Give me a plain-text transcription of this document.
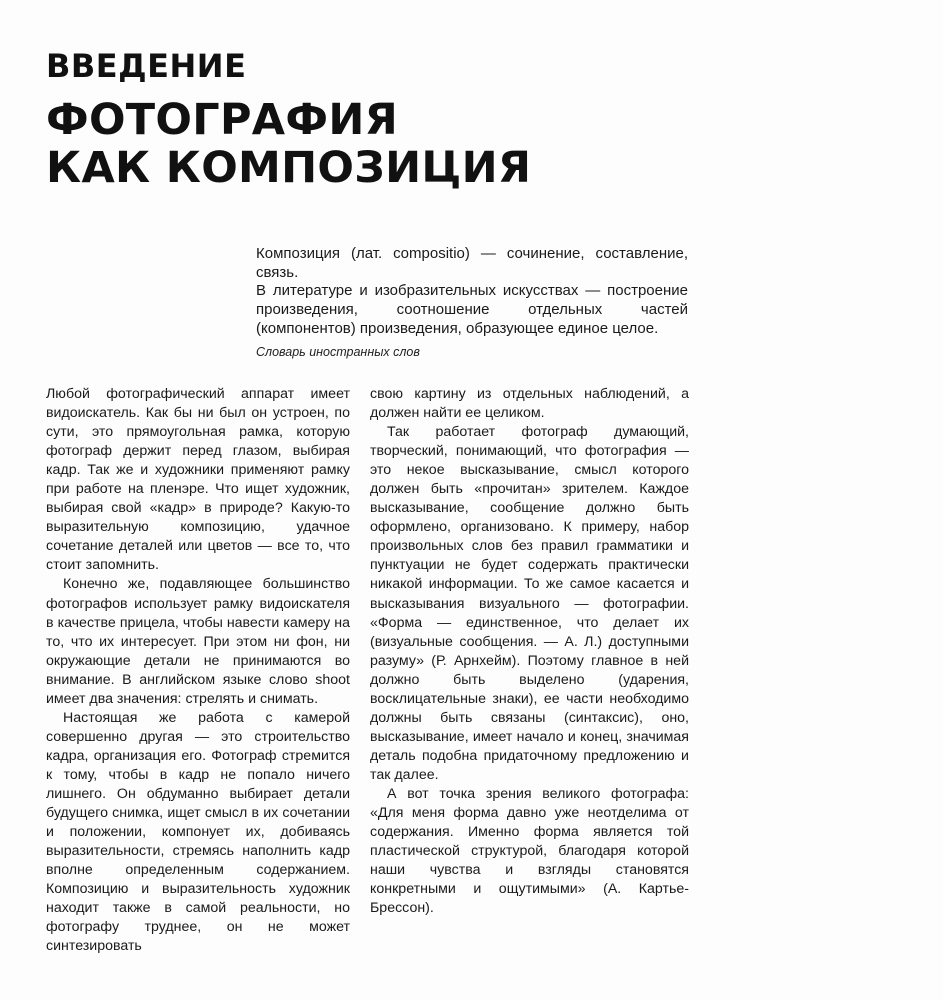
ВВЕДЕНИЕ
ФОТОГРАФИЯ
КАК КОМПОЗИЦИЯ

Композиция (лат. compositio) — сочинение, составление, связь.

В литературе и изобразительных искусствах — построение произведения, соотношение отдельных частей (компонентов) произведения, образующее единое целое.

Словарь иностранных слов

Любой фотографический аппарат имеет видоискатель. Как бы ни был он устроен, по сути, это прямоугольная рамка, которую фотограф держит перед глазом, выбирая кадр. Так же и художники применяют рамку при работе на пленэре. Что ищет художник, выбирая свой «кадр» в природе? Какую-то выразительную композицию, удачное сочетание деталей или цветов — все то, что стоит запомнить.

Конечно же, подавляющее большинство фотографов использует рамку видоискателя в качестве прицела, чтобы навести камеру на то, что их интересует. При этом ни фон, ни окружающие детали не принимаются во внимание. В английском языке слово shoot имеет два значения: стрелять и снимать.

Настоящая же работа с камерой совершенно другая — это строительство кадра, организация его. Фотограф стремится к тому, чтобы в кадр не попало ничего лишнего. Он обдуманно выбирает детали будущего снимка, ищет смысл в их сочетании и положении, компонует их, добиваясь выразительности, стремясь наполнить кадр вполне определенным содержанием. Композицию и выразительность художник находит также в самой реальности, но фотографу труднее, он не может синтезировать

свою картину из отдельных наблюдений, а должен найти ее целиком.

Так работает фотограф думающий, творческий, понимающий, что фотография — это некое высказывание, смысл которого должен быть «прочитан» зрителем. Каждое высказывание, сообщение должно быть оформлено, организовано. К примеру, набор произвольных слов без правил грамматики и пунктуации не будет содержать практически никакой информации. То же самое касается и высказывания визуального — фотографии. «Форма — единственное, что делает их (визуальные сообщения. — А. Л.) доступными разуму» (Р. Арнхейм). Поэтому главное в ней должно быть выделено (ударения, восклицательные знаки), ее части необходимо должны быть связаны (синтаксис), оно, высказывание, имеет начало и конец, значимая деталь подобна придаточному предложению и так далее.

А вот точка зрения великого фотографа: «Для меня форма давно уже неотделима от содержания. Именно форма является той пластической структурой, благодаря которой наши чувства и взгляды становятся конкретными и ощутимыми» (А. Картье-Брессон).
